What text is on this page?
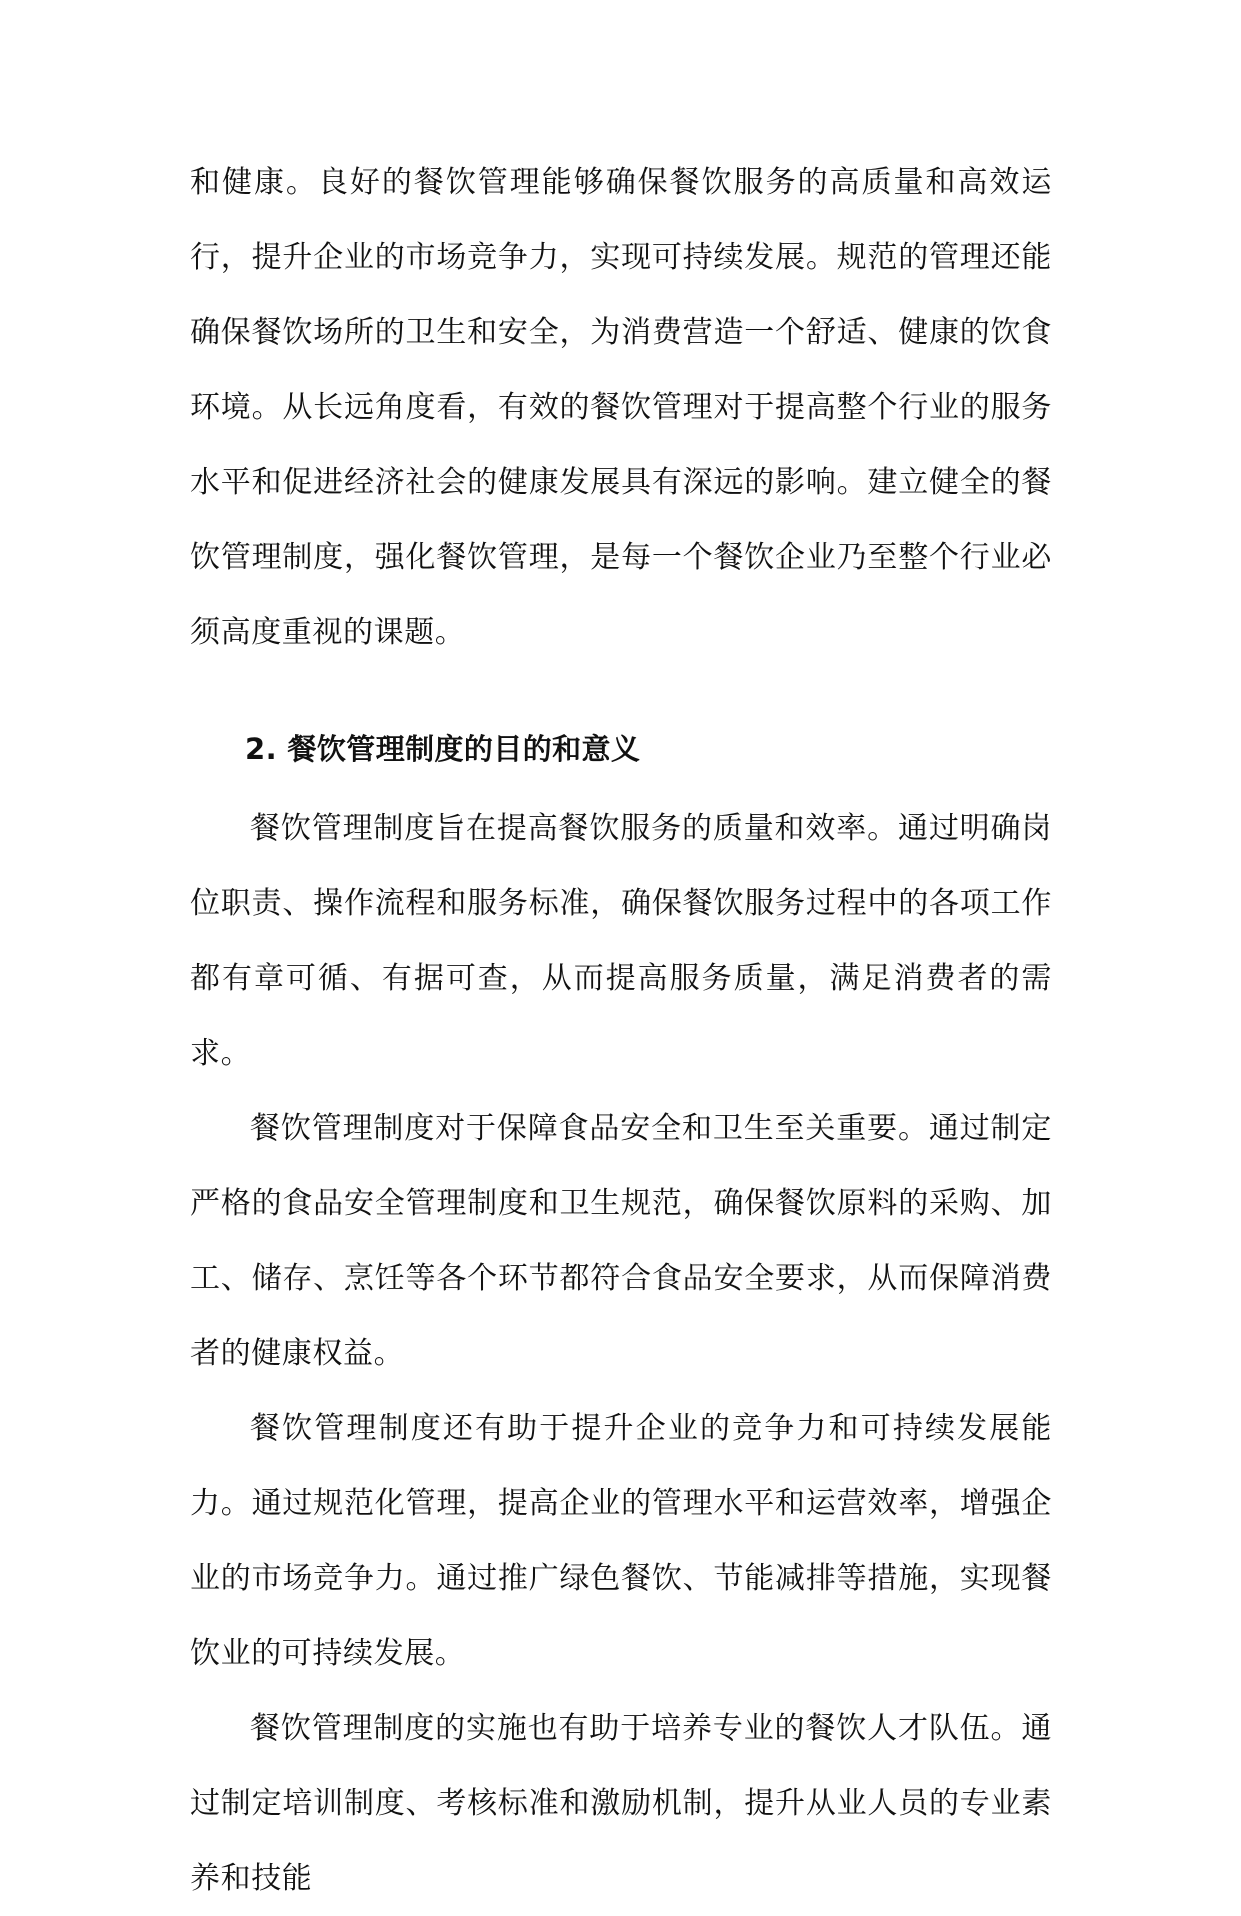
和健康。良好的餐饮管理能够确保餐饮服务的高质量和高效运行，提升企业的市场竞争力，实现可持续发展。规范的管理还能确保餐饮场所的卫生和安全，为消费营造一个舒适、健康的饮食环境。从长远角度看，有效的餐饮管理对于提高整个行业的服务水平和促进经济社会的健康发展具有深远的影响。建立健全的餐饮管理制度，强化餐饮管理，是每一个餐饮企业乃至整个行业必须高度重视的课题。

2. 餐饮管理制度的目的和意义

餐饮管理制度旨在提高餐饮服务的质量和效率。通过明确岗位职责、操作流程和服务标准，确保餐饮服务过程中的各项工作都有章可循、有据可查，从而提高服务质量，满足消费者的需求。

餐饮管理制度对于保障食品安全和卫生至关重要。通过制定严格的食品安全管理制度和卫生规范，确保餐饮原料的采购、加工、储存、烹饪等各个环节都符合食品安全要求，从而保障消费者的健康权益。

餐饮管理制度还有助于提升企业的竞争力和可持续发展能力。通过规范化管理，提高企业的管理水平和运营效率，增强企业的市场竞争力。通过推广绿色餐饮、节能减排等措施，实现餐饮业的可持续发展。

餐饮管理制度的实施也有助于培养专业的餐饮人才队伍。通过制定培训制度、考核标准和激励机制，提升从业人员的专业素养和技能
